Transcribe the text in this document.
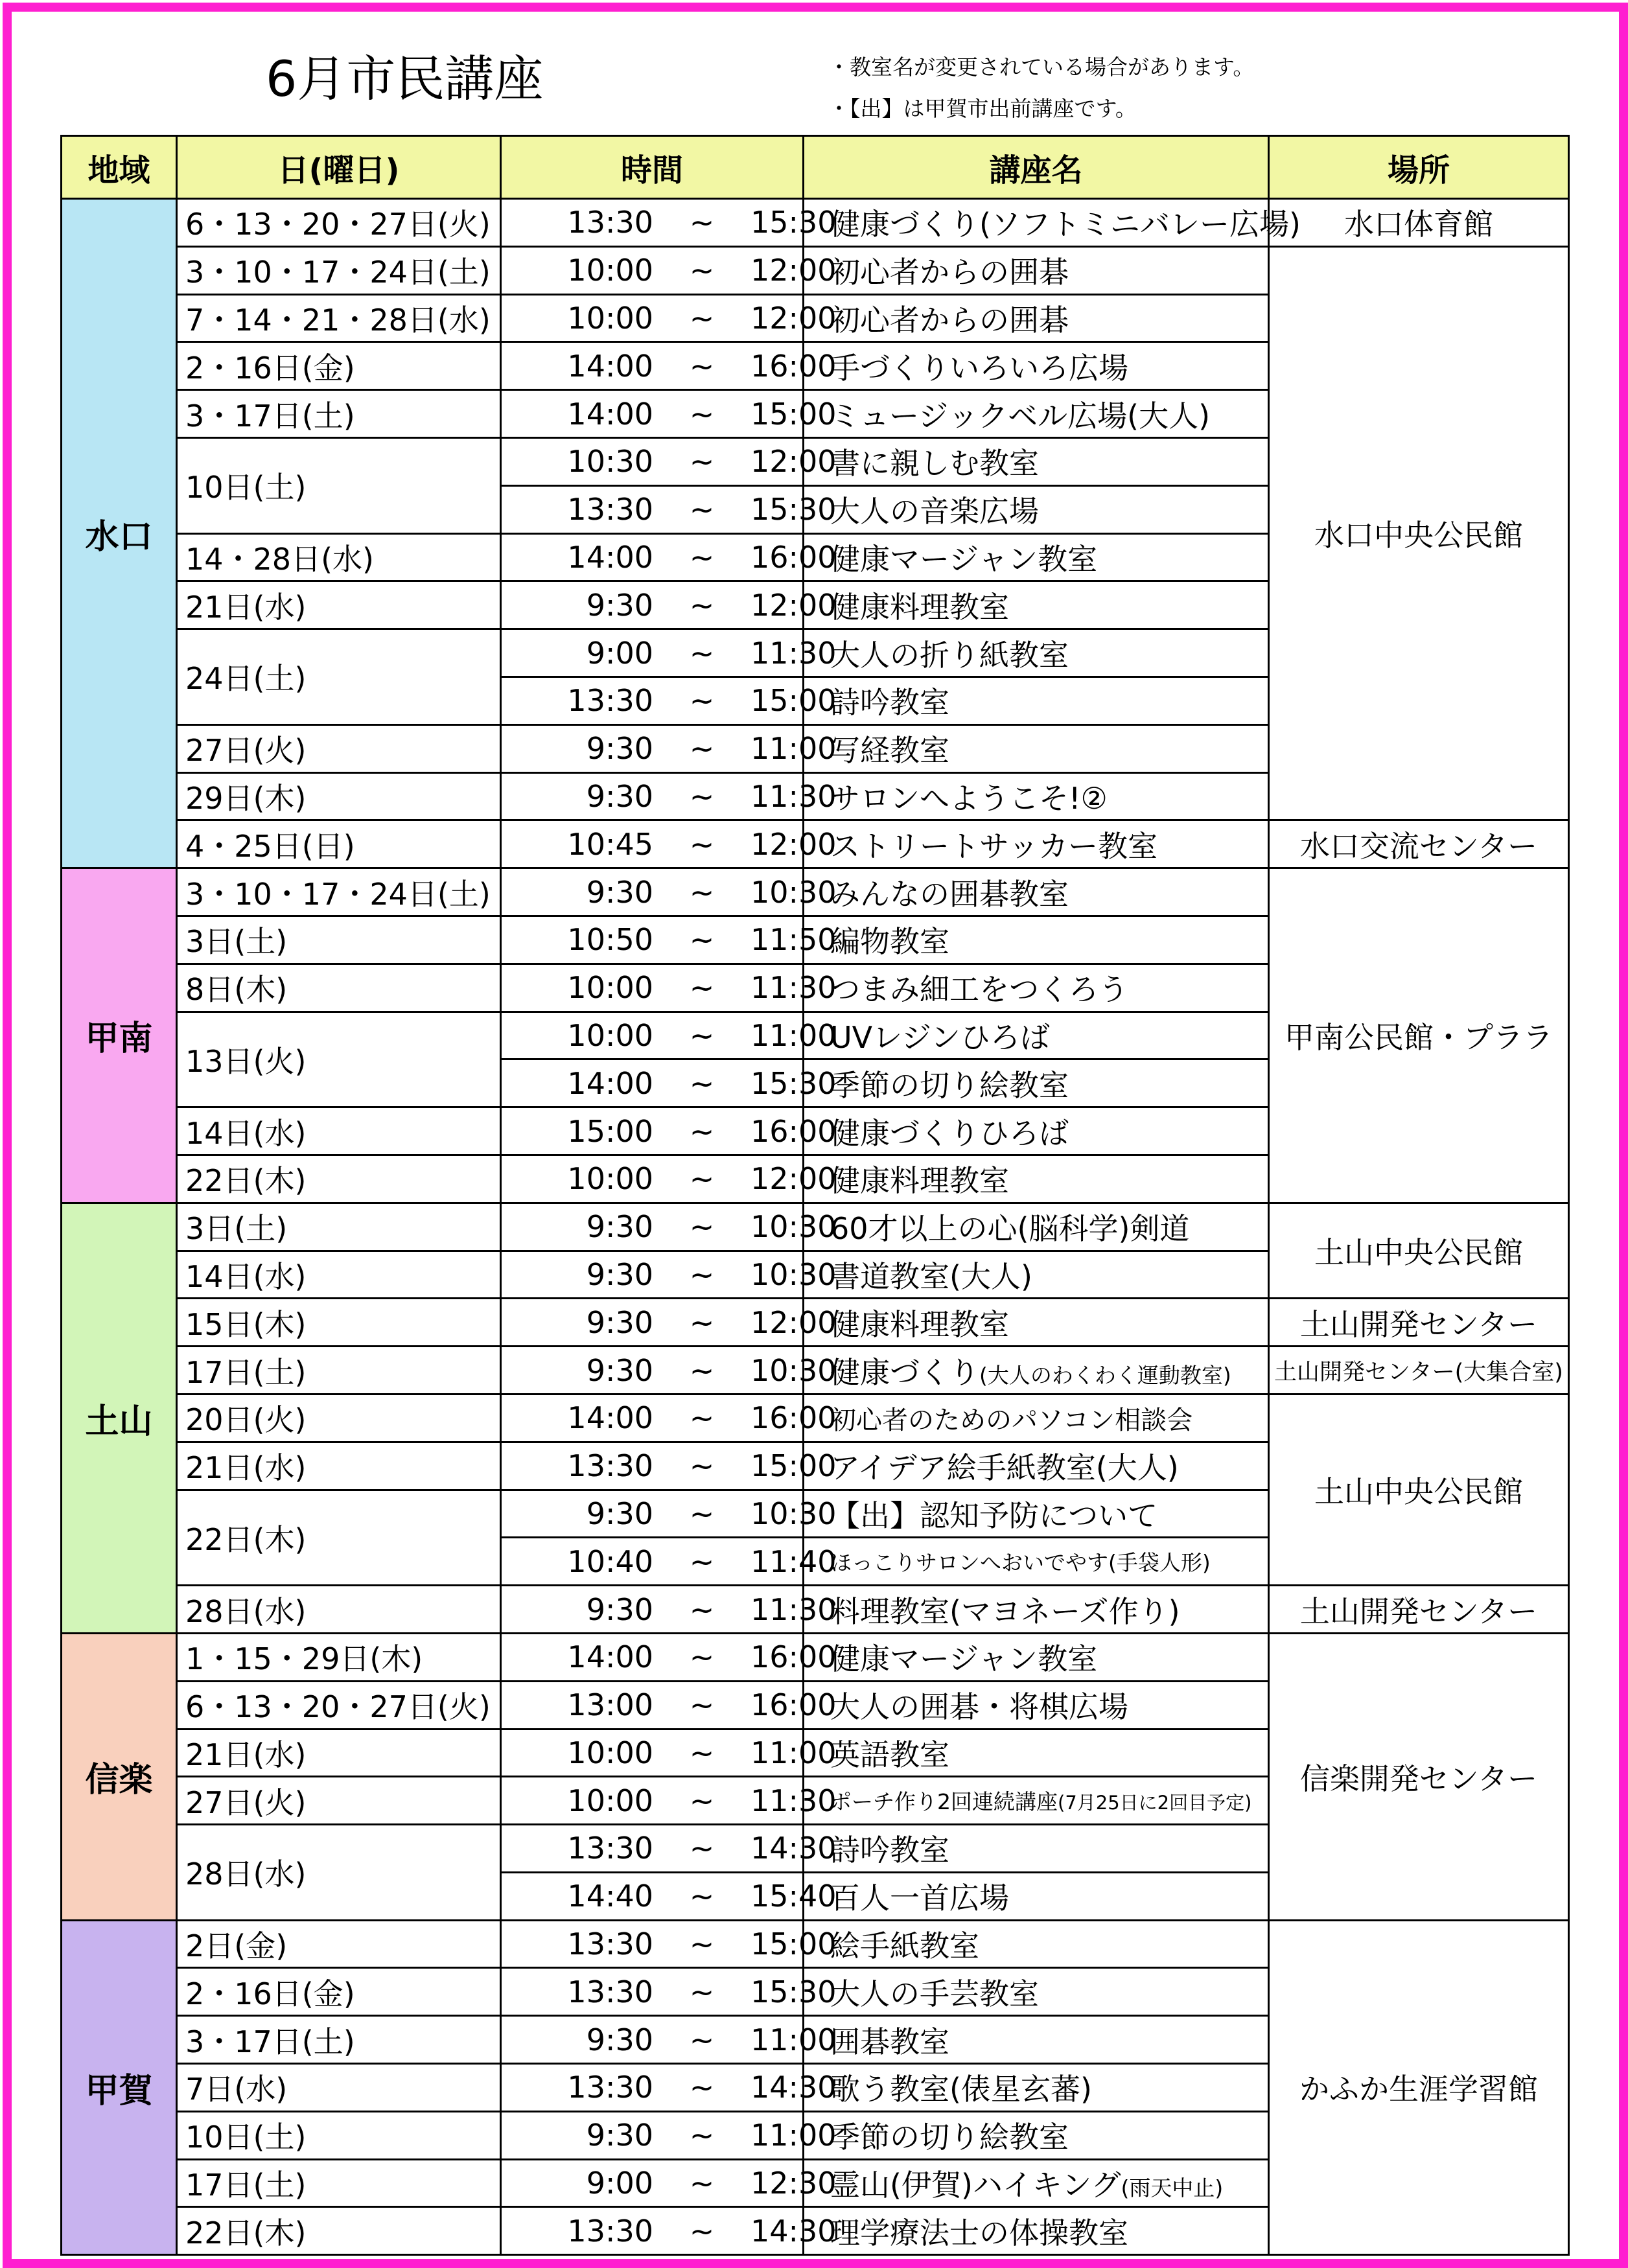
6月市民講座	・教室名が変更されている場合があります。
・【出】は甲賀市出前講座です。
地域	日(曜日)	時間	講座名	場所
水口	6・13・20・27日(火)	13:30 ~ 15:30	健康づくり(ソフトミニバレー広場)	水口体育館
	3・10・17・24日(土)	10:00 ~ 12:00	初心者からの囲碁	水口中央公民館
	7・14・21・28日(水)	10:00 ~ 12:00	初心者からの囲碁	
	2・16日(金)	14:00 ~ 16:00	手づくりいろいろ広場	
	3・17日(土)	14:00 ~ 15:00	ミュージックベル広場(大人)	
	10日(土)	10:30 ~ 12:00	書に親しむ教室	
		13:30 ~ 15:30	大人の音楽広場	
	14・28日(水)	14:00 ~ 16:00	健康マージャン教室	
	21日(水)	9:30 ~ 12:00	健康料理教室	
	24日(土)	9:00 ~ 11:30	大人の折り紙教室	
		13:30 ~ 15:00	詩吟教室	
	27日(火)	9:30 ~ 11:00	写経教室	
	29日(木)	9:30 ~ 11:30	サロンへようこそ!②	
	4・25日(日)	10:45 ~ 12:00	ストリートサッカー教室	水口交流センター
甲南	3・10・17・24日(土)	9:30 ~ 10:30	みんなの囲碁教室	甲南公民館・プララ
	3日(土)	10:50 ~ 11:50	編物教室	
	8日(木)	10:00 ~ 11:30	つまみ細工をつくろう	
	13日(火)	10:00 ~ 11:00	UVレジンひろば	
		14:00 ~ 15:30	季節の切り絵教室	
	14日(水)	15:00 ~ 16:00	健康づくりひろば	
	22日(木)	10:00 ~ 12:00	健康料理教室	
土山	3日(土)	9:30 ~ 10:30	60才以上の心(脳科学)剣道	土山中央公民館
	14日(水)	9:30 ~ 10:30	書道教室(大人)	
	15日(木)	9:30 ~ 12:00	健康料理教室	土山開発センター
	17日(土)	9:30 ~ 10:30	健康づくり(大人のわくわく運動教室)	土山開発センター(大集合室)
	20日(火)	14:00 ~ 16:00	初心者のためのパソコン相談会	土山中央公民館
	21日(水)	13:30 ~ 15:00	アイデア絵手紙教室(大人)	
	22日(木)	9:30 ~ 10:30	【出】認知予防について	
		10:40 ~ 11:40	ほっこりサロンへおいでやす(手袋人形)	
	28日(水)	9:30 ~ 11:30	料理教室(マヨネーズ作り)	土山開発センター
信楽	1・15・29日(木)	14:00 ~ 16:00	健康マージャン教室	信楽開発センター
	6・13・20・27日(火)	13:00 ~ 16:00	大人の囲碁・将棋広場	
	21日(水)	10:00 ~ 11:00	英語教室	
	27日(火)	10:00 ~ 11:30	ポーチ作り2回連続講座(7月25日に2回目予定)	
	28日(水)	13:30 ~ 14:30	詩吟教室	
		14:40 ~ 15:40	百人一首広場	
甲賀	2日(金)	13:30 ~ 15:00	絵手紙教室	かふか生涯学習館
	2・16日(金)	13:30 ~ 15:30	大人の手芸教室	
	3・17日(土)	9:30 ~ 11:00	囲碁教室	
	7日(水)	13:30 ~ 14:30	歌う教室(俵星玄蕃)	
	10日(土)	9:30 ~ 11:00	季節の切り絵教室	
	17日(土)	9:00 ~ 12:30	霊山(伊賀)ハイキング(雨天中止)	
	22日(木)	13:30 ~ 14:30	理学療法士の体操教室	
